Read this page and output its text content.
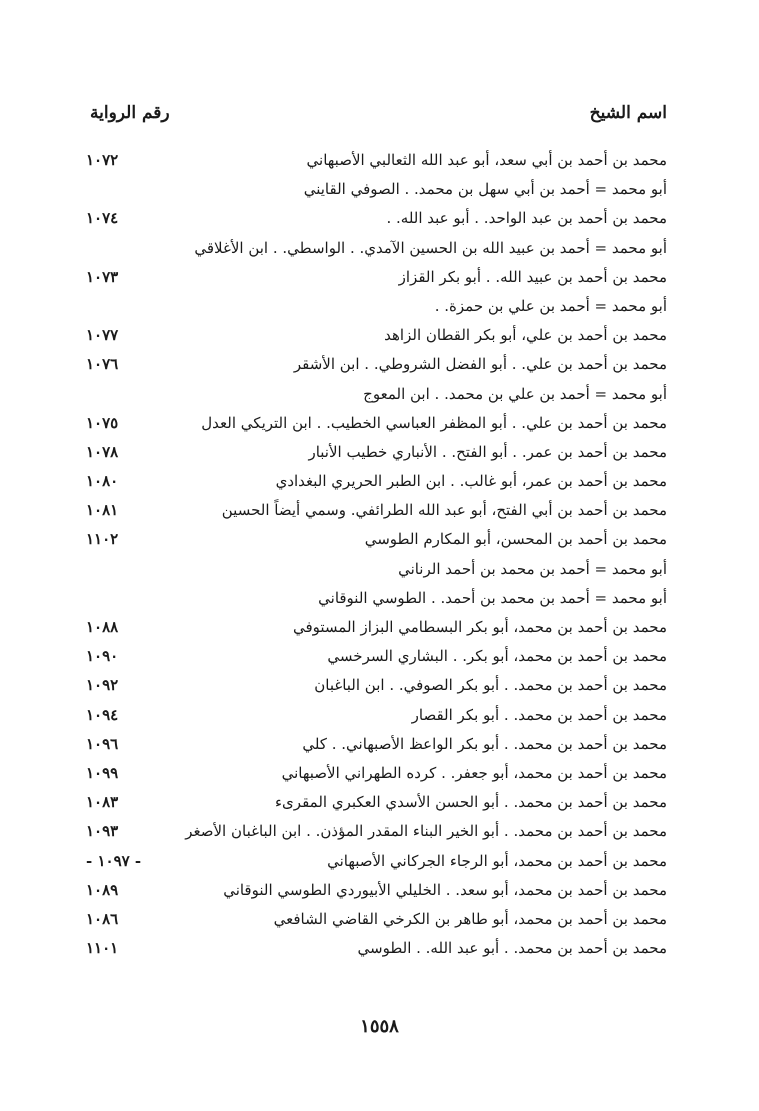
اسم الشيخ
رقم الرواية
محمد بن أحمد بن أبي سعد، أبو عبد الله الثعالبي الأصبهاني
١٠٧٢
أبو محمد = أحمد بن أبي سهل بن محمد. . الصوفي القايني
محمد بن أحمد بن عبد الواحد. . أبو عبد الله. .
١٠٧٤
أبو محمد = أحمد بن عبيد الله بن الحسين الآمدي. . الواسطي. . ابن الأغلاقي
محمد بن أحمد بن عبيد الله. . أبو بكر القزاز
١٠٧٣
أبو محمد = أحمد بن علي بن حمزة. .
محمد بن أحمد بن علي، أبو بكر القطان الزاهد
١٠٧٧
محمد بن أحمد بن علي. . أبو الفضل الشروطي. . ابن الأشقر
١٠٧٦
أبو محمد = أحمد بن علي بن محمد. . ابن المعوج
محمد بن أحمد بن علي. . أبو المظفر العباسي الخطيب. . ابن التريكي العدل
١٠٧٥
محمد بن أحمد بن عمر. . أبو الفتح. . الأنباري خطيب الأنبار
١٠٧٨
محمد بن أحمد بن عمر، أبو غالب. . ابن الطبر الحريري البغدادي
١٠٨٠
محمد بن أحمد بن أبي الفتح، أبو عبد الله الطرائفي. وسمي أيضاً الحسين
١٠٨١
محمد بن أحمد بن المحسن، أبو المكارم الطوسي
١١٠٢
أبو محمد = أحمد بن محمد بن أحمد الرناني
أبو محمد = أحمد بن محمد بن أحمد. . الطوسي النوقاني
محمد بن أحمد بن محمد، أبو بكر البسطامي البزاز المستوفي
١٠٨٨
محمد بن أحمد بن محمد، أبو بكر. . البشاري السرخسي
١٠٩٠
محمد بن أحمد بن محمد. . أبو بكر الصوفي. . ابن الباغبان
١٠٩٢
محمد بن أحمد بن محمد. . أبو بكر القصار
١٠٩٤
محمد بن أحمد بن محمد. . أبو بكر الواعظ الأصبهاني. . كلي
١٠٩٦
محمد بن أحمد بن محمد، أبو جعفر. . كرده الطهراني الأصبهاني
١٠٩٩
محمد بن أحمد بن محمد. . أبو الحسن الأسدي العكبري المقرىء
١٠٨٣
محمد بن أحمد بن محمد. . أبو الخير البناء المقدر المؤذن. . ابن الباغبان الأصغر
١٠٩٣
محمد بن أحمد بن محمد، أبو الرجاء الجركاني الأصبهاني
- ١٠٩٧ -
محمد بن أحمد بن محمد، أبو سعد. . الخليلي الأبيوردي الطوسي النوقاني
١٠٨٩
محمد بن أحمد بن محمد، أبو طاهر بن الكرخي القاضي الشافعي
١٠٨٦
محمد بن أحمد بن محمد. . أبو عبد الله. . الطوسي
١١٠١
١٥٥٨
